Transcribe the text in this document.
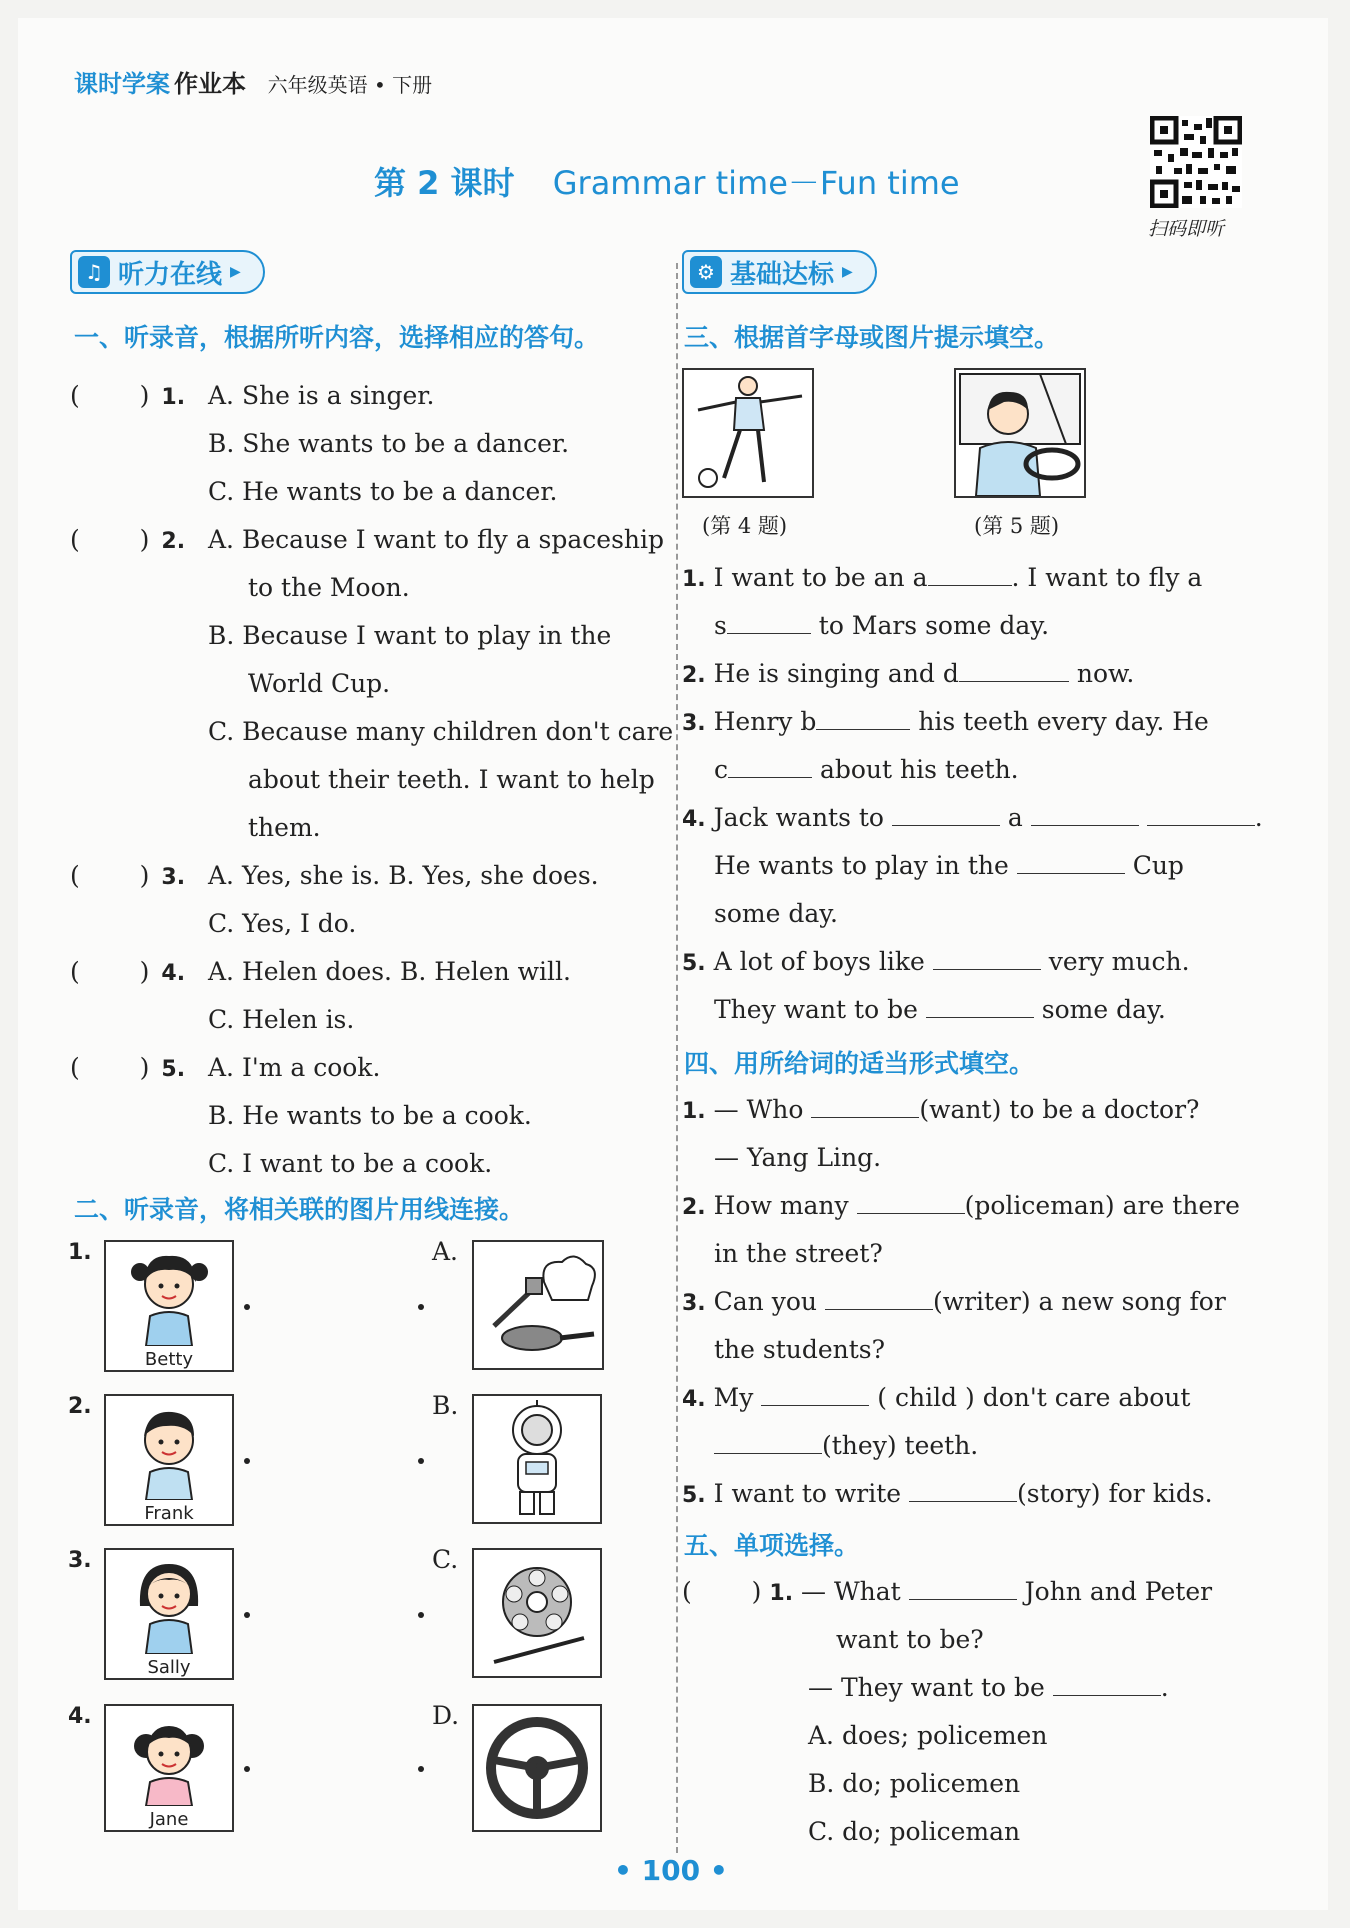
课时学案 作业本 六年级英语 • 下册
第 2 课时 Grammar time－Fun time
扫码即听
♫ 听力在线 ▶
一、听录音，根据所听内容，选择相应的答句。
( ) 1. A. She is a singer.
B. She wants to be a dancer.
C. He wants to be a dancer.
( ) 2. A. Because I want to fly a spaceship
to the Moon.
B. Because I want to play in the
World Cup.
C. Because many children don't care
about their teeth. I want to help
them.
( ) 3. A. Yes, she is. B. Yes, she does.
C. Yes, I do.
( ) 4. A. Helen does. B. Helen will.
C. Helen is.
( ) 5. A. I'm a cook.
B. He wants to be a cook.
C. I want to be a cook.
二、听录音，将相关联的图片用线连接。
1.
Betty
2.
Frank
3.
Sally
4.
Jane
A.
B.
C.
D.
⚙ 基础达标 ▶
三、根据首字母或图片提示填空。
(第 4 题)	(第 5 题)
1. I want to be an a	. I want to fly a
s	to Mars some day.
2. He is singing and d	now.
3. Henry b	his teeth every day. He
c	about his teeth.
4. Jack wants to	a	.
He wants to play in the	Cup
some day.
5. A lot of boys like	very much.
They want to be	some day.
四、用所给词的适当形式填空。
1. — Who	(want) to be a doctor?
— Yang Ling.
2. How many	(policeman) are there
in the street?
3. Can you	(writer) a new song for
the students?
4. My	( child ) don't care about
(they) teeth.
5. I want to write	(story) for kids.
五、单项选择。
( ) 1. — What	John and Peter
want to be?
— They want to be	.
A. does; policemen
B. do; policemen
C. do; policeman
• 100 •
